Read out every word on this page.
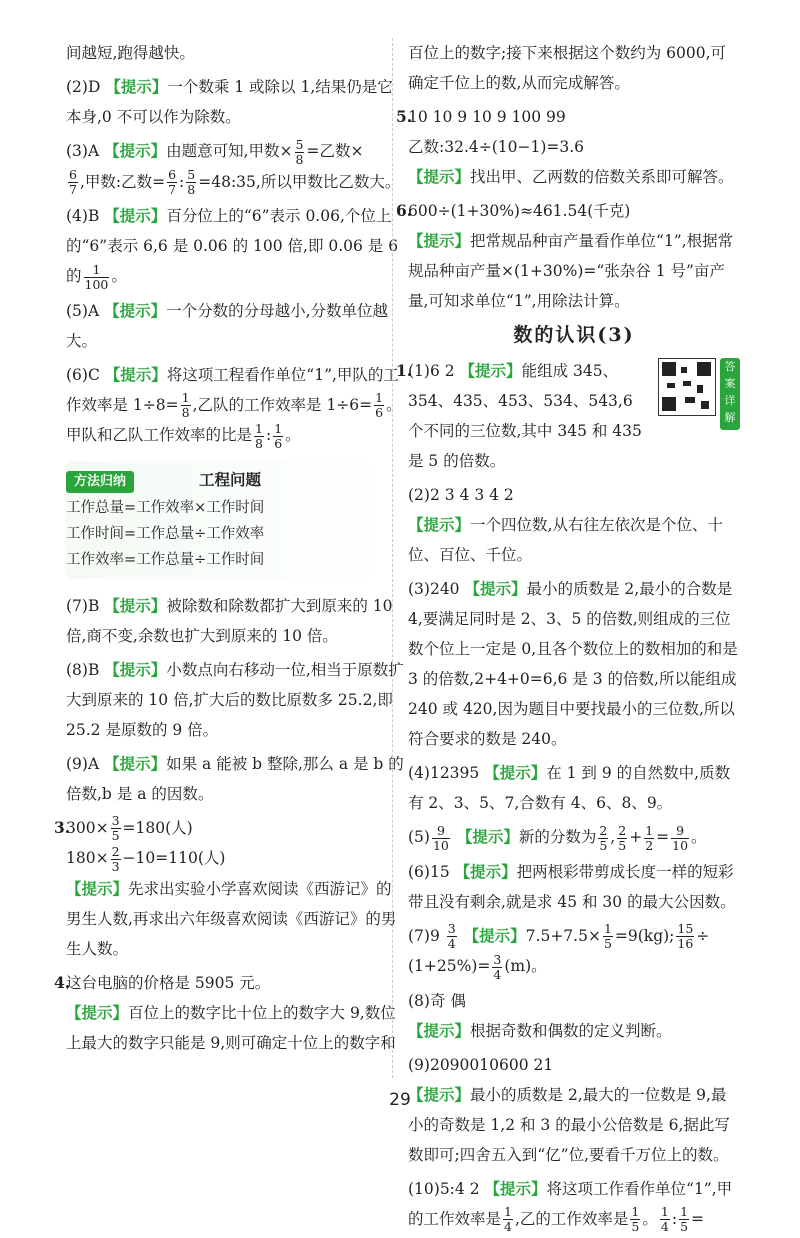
间越短,跑得越快。

(2)D 【提示】一个数乘 1 或除以 1,结果仍是它本身,0 不可以作为除数。

(3)A 【提示】由题意可知,甲数× $\frac{5}{8}$ =乙数×

$\frac{6}{7}$ ,甲数:乙数= $\frac{6}{7}$ : $\frac{5}{8}$ =48:35,所以甲数比乙数大。

(4)B 【提示】百分位上的“6”表示 0.06,个位上的“6”表示 6,6 是 0.06 的 100 倍,即 0.06 是 6 的 $\frac{1}{100}$ 。

(5)A 【提示】一个分数的分母越小,分数单位越大。

(6)C 【提示】将这项工程看作单位“1”,甲队的工作效率是 $1\div 8= \frac{1}{8}$ ,乙队的工作效率是 $1\div 6= \frac{1}{6}$ 。
甲队和乙队工作效率的比是 $\frac{1}{8}$ : $\frac{1}{6}$ 。

方法归纳	工程问题
工作总量=工作效率×工作时间
工作时间=工作总量÷工作效率
工作效率=工作总量÷工作时间

(7)B 【提示】被除数和除数都扩大到原来的 10 倍,商不变,余数也扩大到原来的 10 倍。

(8)B 【提示】小数点向右移动一位,相当于原数扩大到原来的 10 倍,扩大后的数比原数多 25.2,即 25.2 是原数的 9 倍。

(9)A 【提示】如果 a 能被 b 整除,那么 a 是 b 的倍数,b 是 a 的因数。

3.
$300\times \frac{3}{5} =180$(人)
$180\times \frac{2}{3} -10=110$(人)
【提示】先求出实验小学喜欢阅读《西游记》的男生人数,再求出六年级喜欢阅读《西游记》的男生人数。

4.
这台电脑的价格是 5905 元。
【提示】百位上的数字比十位上的数字大 9,数位上最大的数字只能是 9,则可确定十位上的数字和

百位上的数字;接下来根据这个数约为 6000,可确定千位上的数,从而完成解答。

5.
10 10 9 10 9 100 99
乙数:32.4÷(10−1)=3.6
【提示】找出甲、乙两数的倍数关系即可解答。

6.
600÷(1+30%)≈461.54(千克)
【提示】把常规品种亩产量看作单位“1”,根据常规品种亩产量×(1+30%)=“张杂谷 1 号”亩产量,可知求单位“1”,用除法计算。

数的认识(3)
答案详解

1.
(1)6 2 【提示】能组成 345、354、435、453、534、543,6 个不同的三位数,其中 345 和 435 是 5 的倍数。

(2)2 3 4 3 4 2
【提示】一个四位数,从右往左依次是个位、十位、百位、千位。

(3)240 【提示】最小的质数是 2,最小的合数是 4,要满足同时是 2、3、5 的倍数,则组成的三位数个位上一定是 0,且各个数位上的数相加的和是 3 的倍数,2+4+0=6,6 是 3 的倍数,所以能组成 240 或 420,因为题目中要找最小的三位数,所以符合要求的数是 240。

(4)12395 【提示】在 1 到 9 的自然数中,质数有 2、3、5、7,合数有 4、6、8、9。

$(5) \frac{9}{10}$ 【提示】新的分数为 $\frac{2}{5}$ , $\frac{2}{5} + \frac{1}{2} = \frac{9}{10}$ 。

(6)15 【提示】把两根彩带剪成长度一样的短彩带且没有剩余,就是求 45 和 30 的最大公因数。

$(7)9 \frac{3}{4}$ 【提示】$7.5+7.5\times \frac{1}{5} =9(kg)$; $\frac{15}{16}$ ÷
$(1+25\%)= \frac{3}{4} (m)$。

(8)奇 偶
【提示】根据奇数和偶数的定义判断。

(9)2090010600 21
【提示】最小的质数是 2,最大的一位数是 9,最小的奇数是 1,2 和 3 的最小公倍数是 6,据此写数即可;四舍五入到“亿”位,要看千万位上的数。

(10)5:4 2 【提示】将这项工作看作单位“1”,甲的工作效率是 $\frac{1}{4}$ ,乙的工作效率是 $\frac{1}{5}$ 。 $\frac{1}{4}$ : $\frac{1}{5}$ =

29
